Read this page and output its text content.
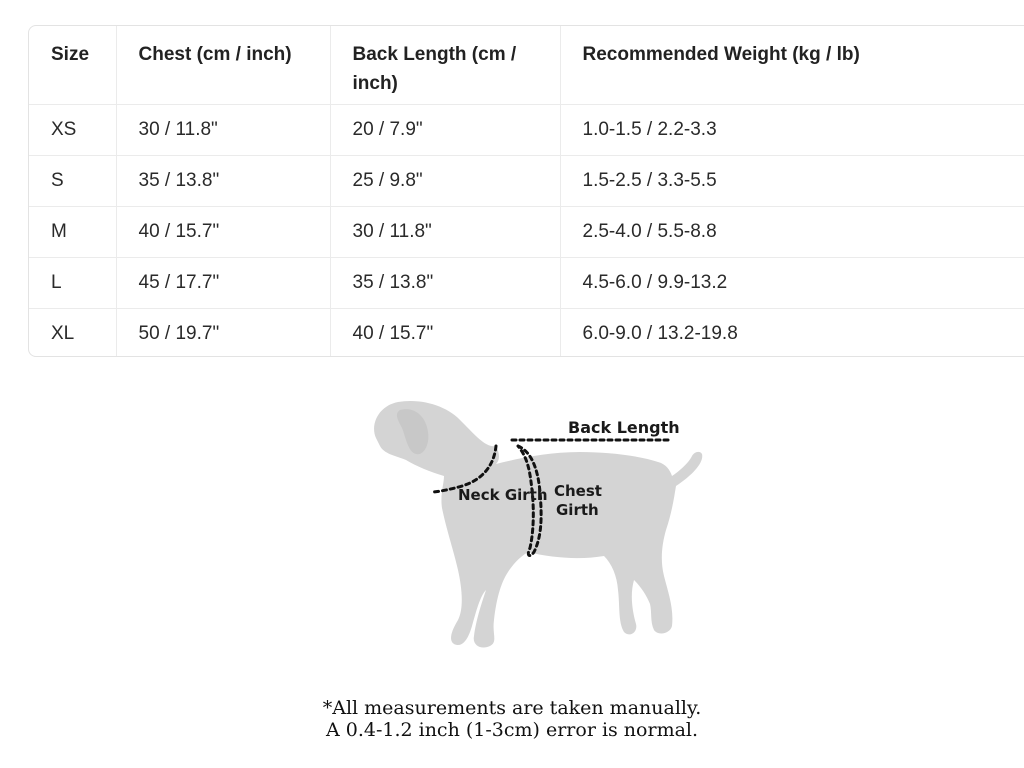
Size	Chest (cm / inch)	Back Length (cm / inch)	Recommended Weight (kg / lb)
XS	30 / 11.8"	20 / 7.9"	1.0-1.5 / 2.2-3.3
S	35 / 13.8"	25 / 9.8"	1.5-2.5 / 3.3-5.5
M	40 / 15.7"	30 / 11.8"	2.5-4.0 / 5.5-8.8
L	45 / 17.7"	35 / 13.8"	4.5-6.0 / 9.9-13.2
XL	50 / 19.7"	40 / 15.7"	6.0-9.0 / 13.2-19.8
Back Length
Neck Girth Chest
Girth
*All measurements are taken manually.
A 0.4-1.2 inch (1-3cm) error is normal.
